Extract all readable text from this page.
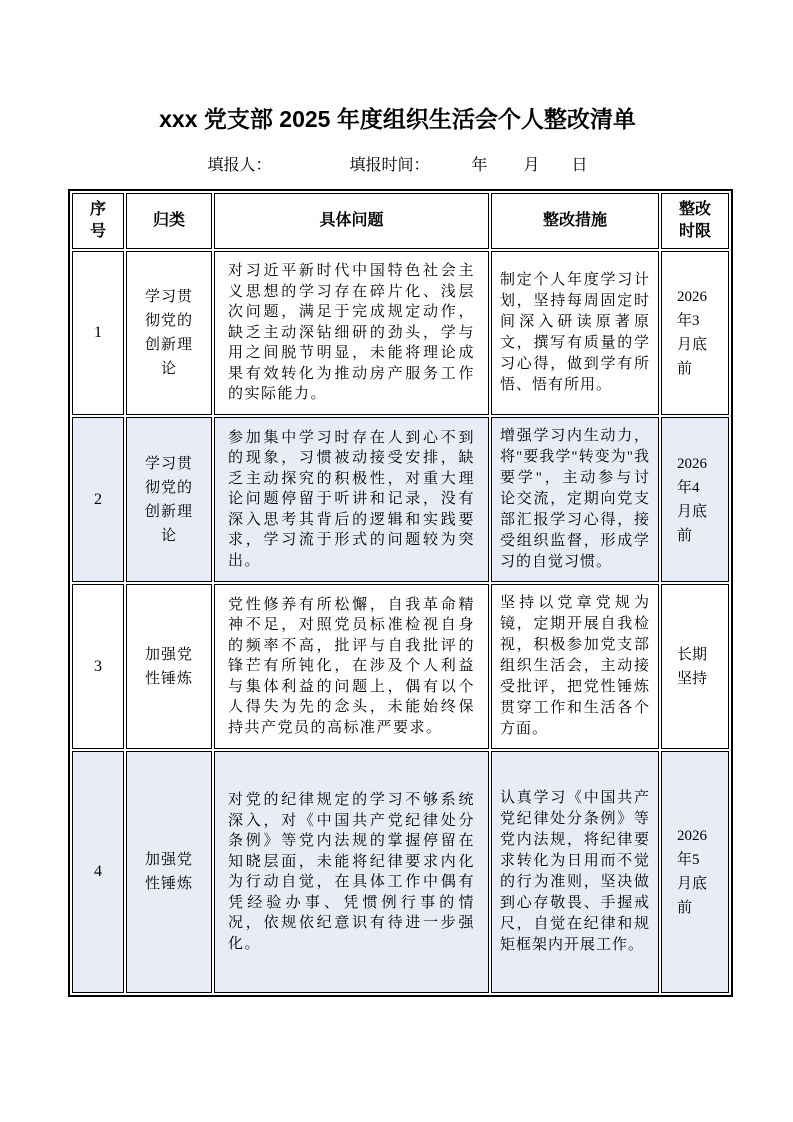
xxx 党支部 2025 年度组织生活会个人整改清单
填报人：	填报时间：	年 月 日
序号	归类	具体问题	整改措施	整改时限
1	学习贯彻党的创新理论	对习近平新时代中国特色社会主义思想的学习存在碎片化、浅层次问题，满足于完成规定动作，缺乏主动深钻细研的劲头，学与用之间脱节明显，未能将理论成果有效转化为推动房产服务工作的实际能力。	制定个人年度学习计划，坚持每周固定时间深入研读原著原文，撰写有质量的学习心得，做到学有所悟、悟有所用。	2026年3月底前
2	学习贯彻党的创新理论	参加集中学习时存在人到心不到的现象，习惯被动接受安排，缺乏主动探究的积极性，对重大理论问题停留于听讲和记录，没有深入思考其背后的逻辑和实践要求，学习流于形式的问题较为突出。	增强学习内生动力，将"要我学"转变为"我要学"，主动参与讨论交流，定期向党支部汇报学习心得，接受组织监督，形成学习的自觉习惯。	2026年4月底前
3	加强党性锤炼	党性修养有所松懈，自我革命精神不足，对照党员标准检视自身的频率不高，批评与自我批评的锋芒有所钝化，在涉及个人利益与集体利益的问题上，偶有以个人得失为先的念头，未能始终保持共产党员的高标准严要求。	坚持以党章党规为镜，定期开展自我检视，积极参加党支部组织生活会，主动接受批评，把党性锤炼贯穿工作和生活各个方面。	长期坚持
4	加强党性锤炼	对党的纪律规定的学习不够系统深入，对《中国共产党纪律处分条例》等党内法规的掌握停留在知晓层面，未能将纪律要求内化为行动自觉，在具体工作中偶有凭经验办事、凭惯例行事的情况，依规依纪意识有待进一步强化。	认真学习《中国共产党纪律处分条例》等党内法规，将纪律要求转化为日用而不觉的行为准则，坚决做到心存敬畏、手握戒尺，自觉在纪律和规矩框架内开展工作。	2026年5月底前
